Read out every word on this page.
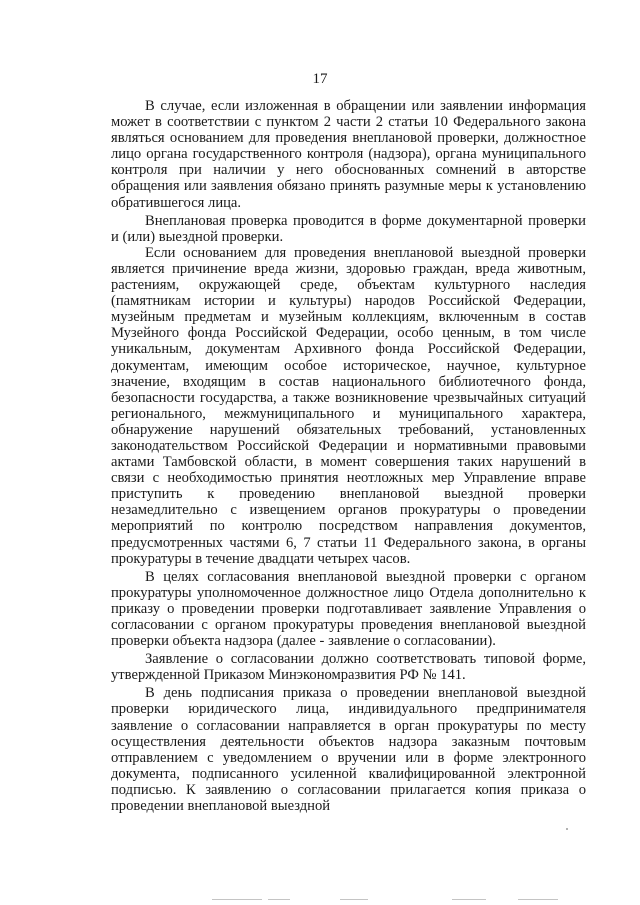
17

В случае, если изложенная в обращении или заявлении информация может в соответствии с пунктом 2 части 2 статьи 10 Федерального закона являться основанием для проведения внеплановой проверки, должностное лицо органа государственного контроля (надзора), органа муниципального контроля при наличии у него обоснованных сомнений в авторстве обращения или заявления обязано принять разумные меры к установлению обратившегося лица.

Внеплановая проверка проводится в форме документарной проверки и (или) выездной проверки.

Если основанием для проведения внеплановой выездной проверки является причинение вреда жизни, здоровью граждан, вреда животным, растениям, окружающей среде, объектам культурного наследия (памятникам истории и культуры) народов Российской Федерации, музейным предметам и музейным коллекциям, включенным в состав Музейного фонда Российской Федерации, особо ценным, в том числе уникальным, документам Архивного фонда Российской Федерации, документам, имеющим особое историческое, научное, культурное значение, входящим в состав национального библиотечного фонда, безопасности государства, а также возникновение чрезвычайных ситуаций регионального, межмуниципального и муниципального характера, обнаружение нарушений обязательных требований, установленных законодательством Российской Федерации и нормативными правовыми актами Тамбовской области, в момент совершения таких нарушений в связи с необходимостью принятия неотложных мер Управление вправе приступить к проведению внеплановой выездной проверки незамедлительно с извещением органов прокуратуры о проведении мероприятий по контролю посредством направления документов, предусмотренных частями 6, 7 статьи 11 Федерального закона, в органы прокуратуры в течение двадцати четырех часов.

В целях согласования внеплановой выездной проверки с органом прокуратуры уполномоченное должностное лицо Отдела дополнительно к приказу о проведении проверки подготавливает заявление Управления о согласовании с органом прокуратуры проведения внеплановой выездной проверки объекта надзора (далее - заявление о согласовании).

Заявление о согласовании должно соответствовать типовой форме, утвержденной Приказом Минэкономразвития РФ № 141.

В день подписания приказа о проведении внеплановой выездной проверки юридического лица, индивидуального предпринимателя заявление о согласовании направляется в орган прокуратуры по месту осуществления деятельности объектов надзора заказным почтовым отправлением с уведомлением о вручении или в форме электронного документа, подписанного усиленной квалифицированной электронной подписью. К заявлению о согласовании прилагается копия приказа о проведении внеплановой выездной
